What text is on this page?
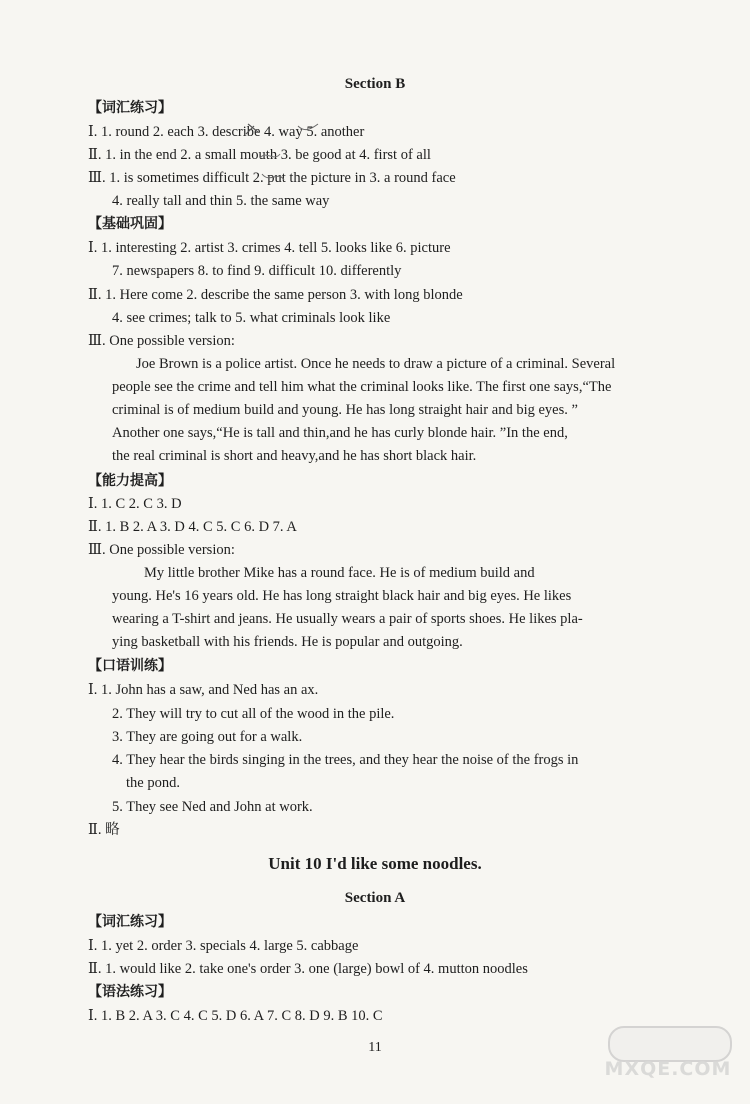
Section B
【词汇练习】
Ⅰ. 1. round 2. each 3. describe 4. way 5. another
Ⅱ. 1. in the end 2. a small mouth 3. be good at 4. first of all
Ⅲ. 1. is sometimes difficult 2. put the picture in 3. a round face
4. really tall and thin 5. the same way
【基础巩固】
Ⅰ. 1. interesting 2. artist 3. crimes 4. tell 5. looks like 6. picture
7. newspapers 8. to find 9. difficult 10. differently
Ⅱ. 1. Here come 2. describe the same person 3. with long blonde
4. see crimes; talk to 5. what criminals look like
Ⅲ. One possible version:
Joe Brown is a police artist. Once he needs to draw a picture of a criminal. Several
people see the crime and tell him what the criminal looks like. The first one says,“The
criminal is of medium build and young. He has long straight hair and big eyes. ”
Another one says,“He is tall and thin,and he has curly blonde hair. ”In the end,
the real criminal is short and heavy,and he has short black hair.
【能力提高】
Ⅰ. 1. C 2. C 3. D
Ⅱ. 1. B 2. A 3. D 4. C 5. C 6. D 7. A
Ⅲ. One possible version:
My little brother Mike has a round face. He is of medium build and
young. He's 16 years old. He has long straight black hair and big eyes. He likes
wearing a T-shirt and jeans. He usually wears a pair of sports shoes. He likes pla-
ying basketball with his friends. He is popular and outgoing.
【口语训练】
Ⅰ. 1. John has a saw, and Ned has an ax.
2. They will try to cut all of the wood in the pile.
3. They are going out for a walk.
4. They hear the birds singing in the trees, and they hear the noise of the frogs in
the pond.
5. They see Ned and John at work.
Ⅱ. 略
Unit 10 I'd like some noodles.
Section A
【词汇练习】
Ⅰ. 1. yet 2. order 3. specials 4. large 5. cabbage
Ⅱ. 1. would like 2. take one's order 3. one (large) bowl of 4. mutton noodles
【语法练习】
Ⅰ. 1. B 2. A 3. C 4. C 5. D 6. A 7. C 8. D 9. B 10. C
11
MXQE.COM
